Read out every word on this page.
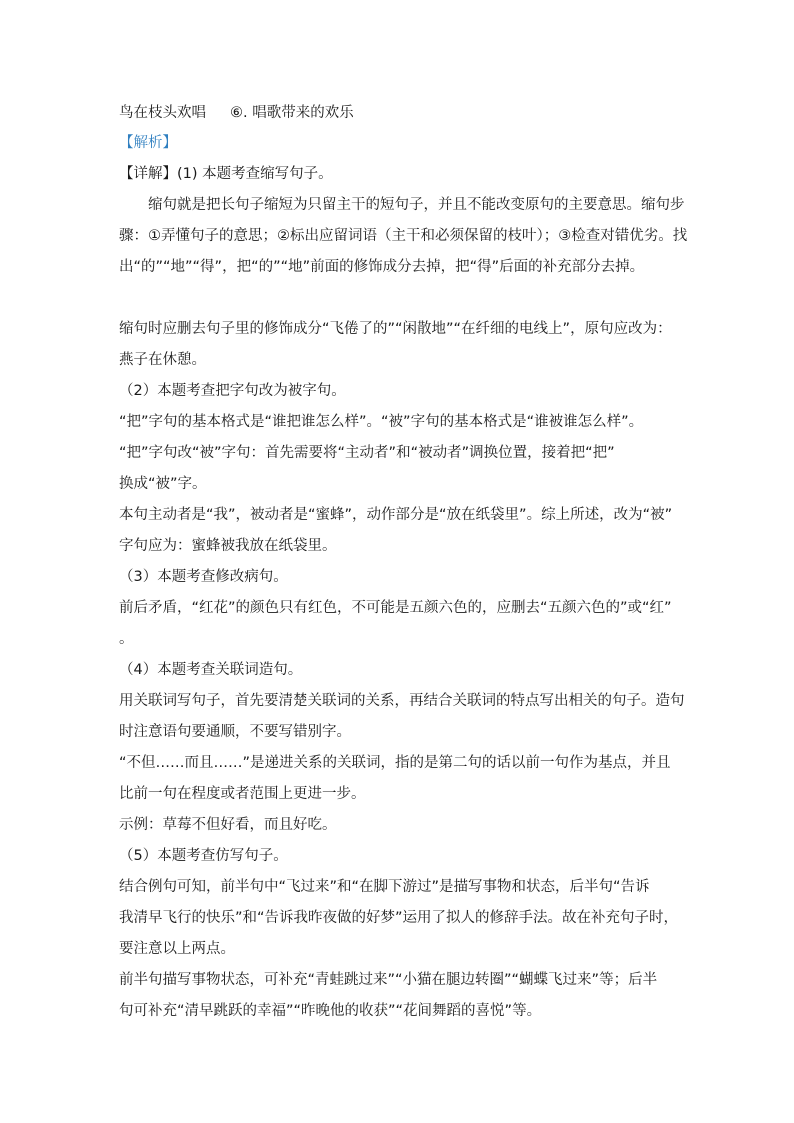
鸟在枝头欢唱 ⑥. 唱歌带来的欢乐
【解析】
【详解】(1) 本题考查缩写句子。
缩句就是把长句子缩短为只留主干的短句子，并且不能改变原句的主要意思。缩句步
骤：①弄懂句子的意思；②标出应留词语（主干和必须保留的枝叶）；③检查对错优劣。找
出“的”“地”“得”，把“的”“地”前面的修饰成分去掉，把“得”后面的补充部分去掉。
缩句时应删去句子里的修饰成分“飞倦了的”“闲散地”“在纤细的电线上”，原句应改为：
燕子在休憩。
（2）本题考查把字句改为被字句。
“把”字句的基本格式是“谁把谁怎么样”。“被”字句的基本格式是“谁被谁怎么样”。
“把”字句改“被”字句：首先需要将“主动者”和“被动者”调换位置，接着把“把”
换成“被”字。
本句主动者是“我”，被动者是“蜜蜂”，动作部分是“放在纸袋里”。综上所述，改为“被”
字句应为：蜜蜂被我放在纸袋里。
（3）本题考查修改病句。
前后矛盾，“红花”的颜色只有红色，不可能是五颜六色的，应删去“五颜六色的”或“红”
。
（4）本题考查关联词造句。
用关联词写句子，首先要清楚关联词的关系，再结合关联词的特点写出相关的句子。造句
时注意语句要通顺，不要写错别字。
“不但……而且……”是递进关系的关联词，指的是第二句的话以前一句作为基点，并且
比前一句在程度或者范围上更进一步。
示例：草莓不但好看，而且好吃。
（5）本题考查仿写句子。
结合例句可知，前半句中“飞过来”和“在脚下游过”是描写事物和状态，后半句“告诉
我清早飞行的快乐”和“告诉我昨夜做的好梦”运用了拟人的修辞手法。故在补充句子时，
要注意以上两点。
前半句描写事物状态，可补充“青蛙跳过来”“小猫在腿边转圈”“蝴蝶飞过来”等；后半
句可补充“清早跳跃的幸福”“昨晚他的收获”“花间舞蹈的喜悦”等。
